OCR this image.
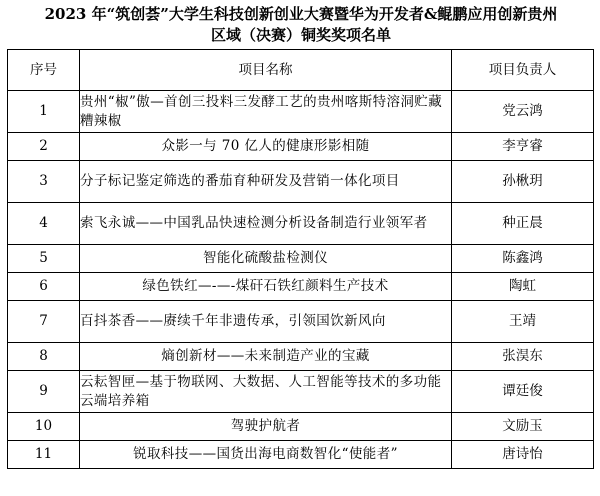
2023 年“筑创荟”大学生科技创新创业大赛暨华为开发者&鲲鹏应用创新贵州
区域（决赛）铜奖奖项名单
序号	项目名称	项目负责人
1	贵州“椒”傲—首创三投料三发酵工艺的贵州喀斯特溶洞贮藏糟辣椒	党云鸿
2	众影一与 70 亿人的健康形影相随	李亨睿
3	分子标记鉴定筛选的番茄育种研发及营销一体化项目	孙楸玥
4	索飞永诚——中国乳品快速检测分析设备制造行业领军者	种正晨
5	智能化硫酸盐检测仪	陈鑫鸿
6	绿色铁红—-—-煤矸石铁红颜料生产技术	陶虹
7	百抖茶香——赓续千年非遗传承，引领国饮新风向	王靖
8	熵创新材——未来制造产业的宝藏	张淏东
9	云耘智匣—基于物联网、大数据、人工智能等技术的多功能云端培养箱	谭廷俊
10	驾驶护航者	文励玉
11	锐取科技——国货出海电商数智化“使能者”	唐诗怡
